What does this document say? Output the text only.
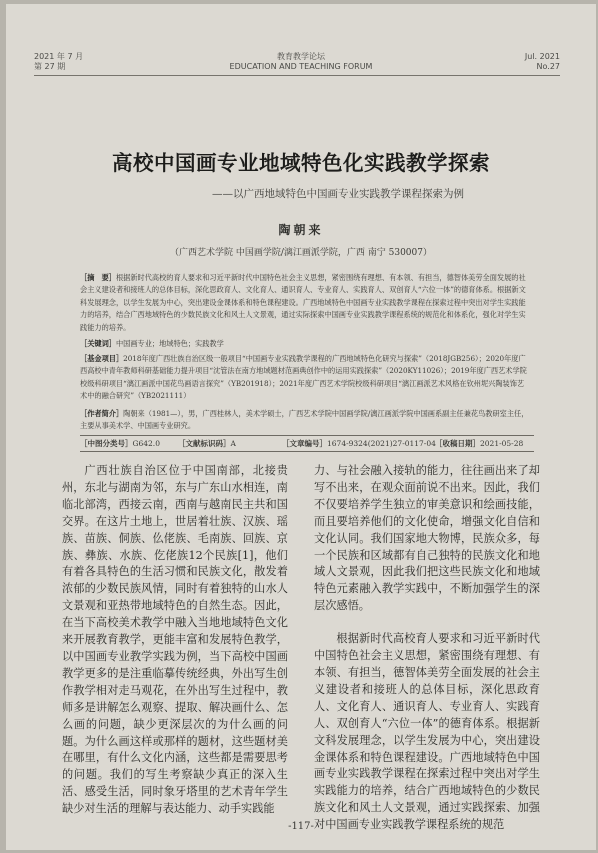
2021 年 7 月
第 27 期
教育教学论坛
EDUCATION AND TEACHING FORUM
Jul. 2021
No.27
高校中国画专业地域特色化实践教学探索
——以广西地域特色中国画专业实践教学课程探索为例
陶朝来
（广西艺术学院 中国画学院/漓江画派学院，广西 南宁 530007）
［摘　要］根据新时代高校的育人要求和习近平新时代中国特色社会主义思想，紧密围绕有理想、有本领、有担当，德智体美劳全面发展的社会主义建设者和接班人的总体目标，深化思政育人、文化育人、通识育人、专业育人、实践育人、双创育人“六位一体”的德育体系。根据新文科发展理念，以学生发展为中心，突出建设金课体系和特色课程建设。广西地域特色中国画专业实践教学课程在探索过程中突出对学生实践能力的培养，结合广西地域特色的少数民族文化和风土人文景观，通过实际探索中国画专业实践教学课程系统的规范化和体系化，强化对学生实践能力的培养。
［关键词］中国画专业；地域特色；实践教学
［基金项目］2018年度广西壮族自治区级一般项目“中国画专业实践教学课程的广西地域特色化研究与探索”（2018JGB256）；2020年度广西高校中青年教师科研基础能力提升项目“沈管法在南方地域题材范画典创作中的运用实践探索”（2020KY11026）；2019年度广西艺术学院校级科研项目“漓江画派中国花鸟画语言探究”（YB201918）；2021年度广西艺术学院校级科研项目“漓江画派艺术风格在钦州坭兴陶装饰艺术中的融合研究”（YB2021111）
［作者简介］陶朝来（1981—），男，广西桂林人，美术学硕士，广西艺术学院中国画学院/漓江画派学院中国画系副主任兼花鸟教研室主任，主要从事美术学、中国画专业研究。
［中图分类号］G642.0 ［文献标识码］A	［文章编号］1674-9324(2021)27-0117-04 ［收稿日期］2021-05-28

广西壮族自治区位于中国南部，北接贵州，东北与湖南为邻，东与广东山水相连，南临北部湾，西接云南，西南与越南民主共和国交界。在这片土地上，世居着壮族、汉族、瑶族、苗族、侗族、仫佬族、毛南族、回族、京族、彝族、水族、仡佬族12个民族[1]，他们有着各具特色的生活习惯和民族文化，散发着浓郁的少数民族风情，同时有着独特的山水人文景观和亚热带地域特色的自然生态。因此，在当下高校美术教学中融入当地地域特色文化来开展教育教学，更能丰富和发展特色教学，以中国画专业教学实践为例，当下高校中国画教学更多的是注重临摹传统经典，外出写生创作教学相对走马观花，在外出写生过程中，教师多是讲解怎么观察、提取、解决画什么、怎么画的问题，缺少更深层次的为什么画的问题。为什么画这样或那样的题材，这些题材美在哪里，有什么文化内涵，这些都是需要思考的问题。我们的写生考察缺少真正的深入生活、感受生活，同时象牙塔里的艺术青年学生缺少对生活的理解与表达能力、动手实践能

力、与社会融入接轨的能力，往往画出来了却写不出来，在观众面前说不出来。因此，我们不仅要培养学生独立的审美意识和绘画技能，而且要培养他们的文化使命，增强文化自信和文化认同。我们国家地大物博，民族众多，每一个民族和区域都有自己独特的民族文化和地域人文景观，因此我们把这些民族文化和地域特色元素融入教学实践中，不断加强学生的深层次感悟。

根据新时代高校育人要求和习近平新时代中国特色社会主义思想，紧密围绕有理想、有本领、有担当，德智体美劳全面发展的社会主义建设者和接班人的总体目标，深化思政育人、文化育人、通识育人、专业育人、实践育人、双创育人“六位一体”的德育体系。根据新文科发展理念，以学生发展为中心，突出建设金课体系和特色课程建设。广西地域特色中国画专业实践教学课程在探索过程中突出对学生实践能力的培养，结合广西地域特色的少数民族文化和风土人文景观，通过实践探索、加强对中国画专业实践教学课程系统的规范

-117-
